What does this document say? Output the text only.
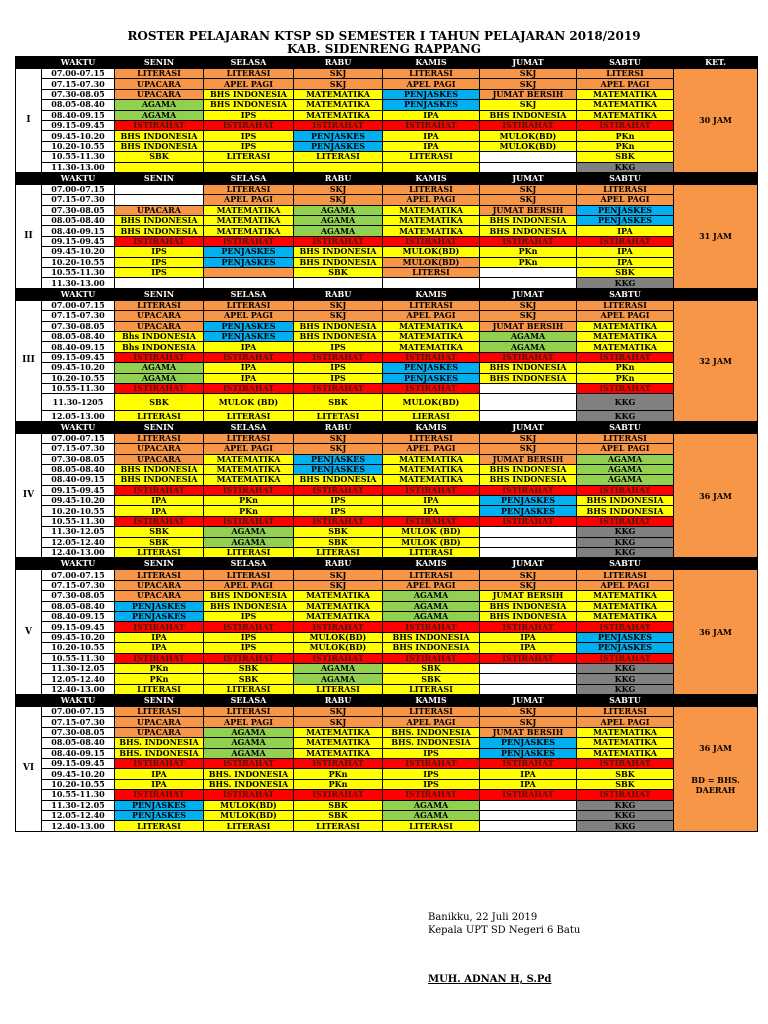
ROSTER PELAJARAN KTSP SD SEMESTER I TAHUN PELAJARAN 2018/2019
KAB. SIDENRENG RAPPANG
	WAKTU	SENIN	SELASA	RABU	KAMIS	JUMAT	SABTU	KET.
I	07.00-07.15	LITERASI	LITERASI	SKJ	LITERASI	SKJ	LITERSI	30 JAM

	07.15-07.30	UPACARA	APEL PAGI	SKJ	APEL PAGI	SKJ	APEL PAGI	
	07.30-08.05	UPACARA	BHS INDONESIA	MATEMATIKA	PENJASKES	JUMAT BERSIH	MATEMATIKA	
	08.05-08.40	AGAMA	BHS INDONESIA	MATEMATIKA	PENJASKES	SKJ	MATEMATIKA	
	08.40-09.15	AGAMA	IPS	MATEMATIKA	IPA	BHS INDONESIA	MATEMATIKA	
	09.15-09.45	ISTIRAHAT	ISTIRAHAT	ISTIRAHAT	ISTIRAHAT	ISTIRAHAT	ISTIRAHAT	
	09.45-10.20	BHS INDONESIA	IPS	PENJASKES	IPA	MULOK(BD)	PKn	
	10.20-10.55	BHS INDONESIA	IPS	PENJASKES	IPA	MULOK(BD)	PKn	
	10.55-11.30	SBK	LITERASI	LITERASI	LITERASI		SBK	
	11.30-13.00						KKG	
	WAKTU	SENIN	SELASA	RABU	KAMIS	JUMAT	SABTU	
II	07.00-07.15		LITERASI	SKJ	LITERASI	SKJ	LITERASI	31 JAM

	07.15-07.30		APEL PAGI	SKJ	APEL PAGI	SKJ	APEL PAGI	
	07.30-08.05	UPACARA	MATEMATIKA	AGAMA	MATEMATIKA	JUMAT BERSIH	PENJASKES	
	08.05-08.40	BHS INDONESIA	MATEMATIKA	AGAMA	MATEMATIKA	BHS INDONESIA	PENJASKES	
	08.40-09.15	BHS INDONESIA	MATEMATIKA	AGAMA	MATEMATIKA	BHS INDONESIA	IPA	
	09.15-09.45	ISTIRAHAT	ISTIRAHAT	ISTIRAHAT	ISTIRAHAT	ISTIRAHAT	ISTIRAHAT	
	09.45-10.20	IPS	PENJASKES	BHS INDONESIA	MULOK(BD)	PKn	IPA	
	10.20-10.55	IPS	PENJASKES	BHS INDONESIA	MULOK(BD)	PKn	IPA	
	10.55-11.30	IPS		SBK	LITERSI		SBK	
	11.30-13.00						KKG	
	WAKTU	SENIN	SELASA	RABU	KAMIS	JUMAT	SABTU	
III	07.00-07.15	LITERASI	LITERASI	SKJ	LITERASI	SKJ	LITERASI	32 JAM

	07.15-07.30	UPACARA	APEL PAGI	SKJ	APEL PAGI	SKJ	APEL PAGI	
	07.30-08.05	UPACARA	PENJASKES	BHS INDONESIA	MATEMATIKA	JUMAT BERSIH	MATEMATIKA	
	08.05-08.40	Bhs INDONESIA	PENJASKES	BHS INDONESIA	MATEMATIKA	AGAMA	MATEMATIKA	
	08.40-09.15	Bhs INDONESIA	IPA	IPS	MATEMATIKA	AGAMA	MATEMATIKA	
	09.15-09.45	ISTIRAHAT	ISTIRAHAT	ISTIRAHAT	ISTIRAHAT	ISTIRAHAT	ISTIRAHAT	
	09.45-10.20	AGAMA	IPA	IPS	PENJASKES	BHS INDONESIA	PKn	
	10.20-10.55	AGAMA	IPA	IPS	PENJASKES	BHS INDONESIA	PKn	
	10.55-11.30	ISTIRAHAT	ISTIRAHAT	ISTIRAHAT	ISTIRAHAT		ISTIRAHAT	
	11.30-1205	SBK	MULOK (BD)	SBK	MULOK(BD)		KKG	
	12.05-13.00	LITERASI	LITERASI	LITETASI	LIERASI		KKG	
	WAKTU	SENIN	SELASA	RABU	KAMIS	JUMAT	SABTU	
IV	07.00-07.15	LITERASI	LITERASI	SKJ	LITERASI	SKJ	LITERASI	36 JAM

	07.15-07.30	UPACARA	APEL PAGI	SKJ	APEL PAGI	SKJ	APEL PAGI	
	07.30-08.05	UPACARA	MATEMATIKA	PENJASKES	MATEMATIKA	JUMAT BERSIH	AGAMA	
	08.05-08.40	BHS INDONESIA	MATEMATIKA	PENJASKES	MATEMATIKA	BHS INDONESIA	AGAMA	
	08.40-09.15	BHS INDONESIA	MATEMATIKA	BHS INDONESIA	MATEMATIKA	BHS INDONESIA	AGAMA	
	09.15-09.45	ISTIRAHAT	ISTIRAHAT	ISTIRAHAT	ISTIRAHAT	ISTIRAHAT	ISTIRAHAT	
	09.45-10.20	IPA	PKn	IPS	IPA	PENJASKES	BHS INDONESIA	
	10.20-10.55	IPA	PKn	IPS	IPA	PENJASKES	BHS INDONESIA	
	10.55-11.30	ISTIRAHAT	ISTIRAHAT	ISTIRAHAT	ISTIRAHAT	ISTIRAHAT	ISTIRAHAT	
	11.30-12.05	SBK	AGAMA	SBK	MULOK (BD)		KKG	
	12.05-12.40	SBK	AGAMA	SBK	MULOK (BD)		KKG	
	12.40-13.00	LITERASI	LITERASI	LITERASI	LITERASI		KKG	
	WAKTU	SENIN	SELASA	RABU	KAMIS	JUMAT	SABTU	
V	07.00-07.15	LITERASI	LITERASI	SKJ	LITERASI	SKJ	LITERASI	36 JAM

	07.15-07.30	UPACARA	APEL PAGI	SKJ	APEL PAGI	SKJ	APEL PAGI	
	07.30-08.05	UPACARA	BHS INDONESIA	MATEMATIKA	AGAMA	JUMAT BERSIH	MATEMATIKA	
	08.05-08.40	PENJASKES	BHS INDONESIA	MATEMATIKA	AGAMA	BHS INDONESIA	MATEMATIKA	
	08.40-09.15	PENJASKES	IPS	MATEMATIKA	AGAMA	BHS INDONESIA	MATEMATIKA	
	09.15-09.45	ISTIRAHAT	ISTIRAHAT	ISTIRAHAT	ISTIRAHAT	ISTIRAHAT	ISTIRAHAT	
	09.45-10.20	IPA	IPS	MULOK(BD)	BHS INDONESIA	IPA	PENJASKES	
	10.20-10.55	IPA	IPS	MULOK(BD)	BHS INDONESIA	IPA	PENJASKES	
	10.55-11.30	ISTIRAHAT	ISTIRAHAT	ISTIRAHAT	ISTIRAHAT	ISTIRAHAT	ISTIRAHAT	
	11.30-12.05	PKn	SBK	AGAMA	SBK		KKG	
	12.05-12.40	PKn	SBK	AGAMA	SBK		KKG	
	12.40-13.00	LITERASI	LITERASI	LITERASI	LITERASI		KKG	
	WAKTU	SENIN	SELASA	RABU	KAMIS	JUMAT	SABTU	
VI	07.00-07.15	LITERASI	LITERASI	SKJ	LITERASI	SKJ	LITERASI	36 JAM
BD = BHS. DAERAH

	07.15-07.30	UPACARA	APEL PAGI	SKJ	APEL PAGI	SKJ	APEL PAGI	
	07.30-08.05	UPACARA	AGAMA	MATEMATIKA	BHS. INDONESIA	JUMAT BERSIH	MATEMATIKA	
	08.05-08.40	BHS. INDONESIA	AGAMA	MATEMATIKA	BHS. INDONESIA	PENJASKES	MATEMATIKA	
	08.40-09.15	BHS. INDONESIA	AGAMA	MATEMATIKA	IPS	PENJASKES	MATEMATIKA	
	09.15-09.45	ISTIRAHAT	ISTIRAHAT	ISTIRAHAT	ISTIRAHAT	ISTIRAHAT	ISTIRAHAT	
	09.45-10.20	IPA	BHS. INDONESIA	PKn	IPS	IPA	SBK	
	10.20-10.55	IPA	BHS. INDONESIA	PKn	IPS	IPA	SBK	
	10.55-11.30	ISTIRAHAT	ISTIRAHAT	ISTIRAHAT	ISTIRAHAT	ISTIRAHAT	ISTIRAHAT	
	11.30-12.05	PENJASKES	MULOK(BD)	SBK	AGAMA		KKG	
	12.05-12.40	PENJASKES	MULOK(BD)	SBK	AGAMA		KKG	
	12.40-13.00	LITERASI	LITERASI	LITERASI	LITERASI		KKG	
Banikku, 22 Juli 2019
Kepala UPT SD Negeri 6 Batu
MUH. ADNAN H, S.Pd
